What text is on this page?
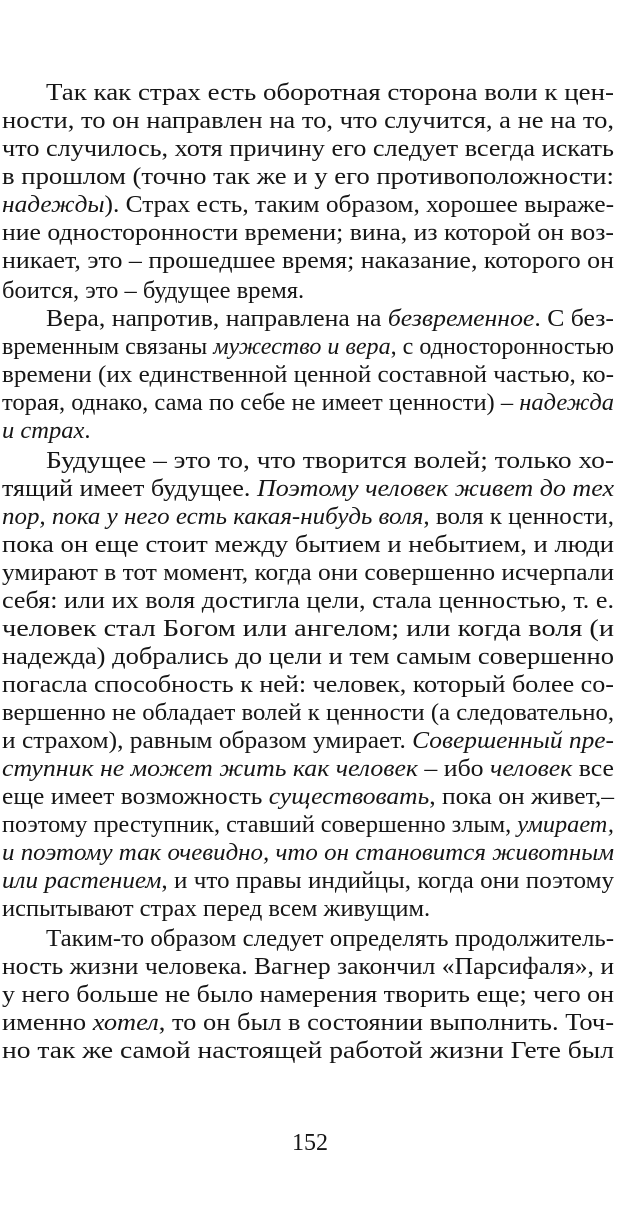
Так как страх есть оборотная сторона воли к цен-

ности, то он направлен на то, что случится, а не на то,

что случилось, хотя причину его следует всегда искать

в прошлом (точно так же и у его противоположности:

надежды). Страх есть, таким образом, хорошее выраже-

ние односторонности времени; вина, из которой он воз-

никает, это – прошедшее время; наказание, которого он

боится, это – будущее время.

Вера, напротив, направлена на безвременное. С без-

временным связаны мужество и вера, с односторонностью

времени (их единственной ценной составной частью, ко-

торая, однако, сама по себе не имеет ценности) – надежда

и страх.

Будущее – это то, что творится волей; только хо-

тящий имеет будущее. Поэтому человек живет до тех

пор, пока у него есть какая-нибудь воля, воля к ценности,

пока он еще стоит между бытием и небытием, и люди

умирают в тот момент, когда они совершенно исчерпали

себя: или их воля достигла цели, стала ценностью, т. е.

человек стал Богом или ангелом; или когда воля (и

надежда) добрались до цели и тем самым совершенно

погасла способность к ней: человек, который более со-

вершенно не обладает волей к ценности (а следовательно,

и страхом), равным образом умирает. Совершенный пре-

ступник не может жить как человек – ибо человек все

еще имеет возможность существовать, пока он живет,–

поэтому преступник, ставший совершенно злым, умирает,

и поэтому так очевидно, что он становится животным

или растением, и что правы индийцы, когда они поэтому

испытывают страх перед всем живущим.

Таким-то образом следует определять продолжитель-

ность жизни человека. Вагнер закончил «Парсифаля», и

у него больше не было намерения творить еще; чего он

именно хотел, то он был в состоянии выполнить. Точ-

но так же самой настоящей работой жизни Гете был

152
